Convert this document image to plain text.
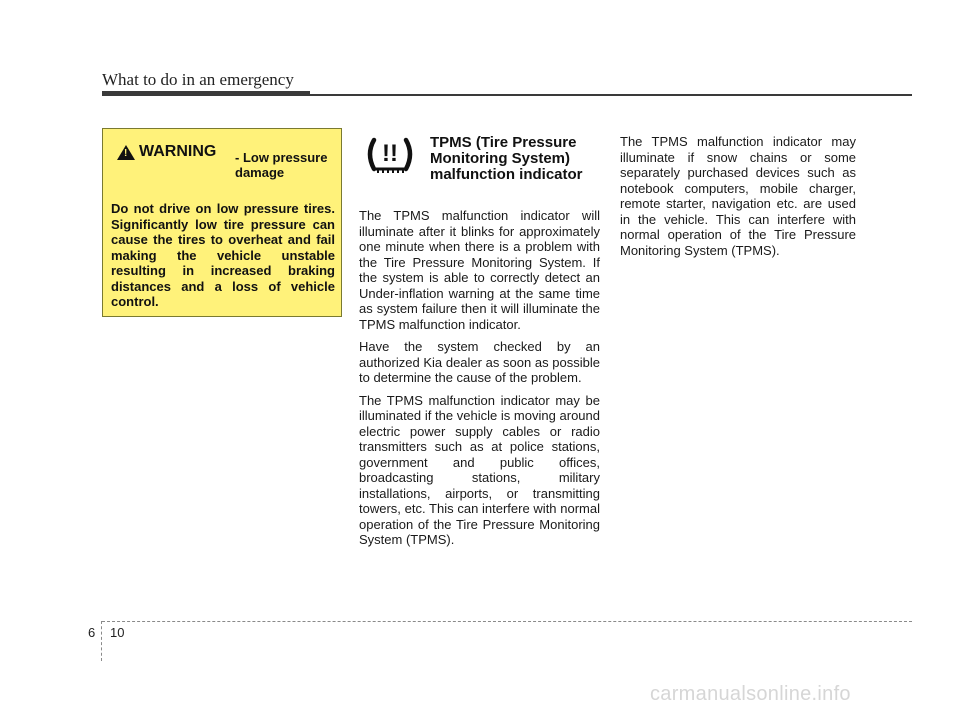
What to do in an emergency
! WARNING - Low pressure damage
Do not drive on low pressure tires. Significantly low tire pressure can cause the tires to overheat and fail making the vehicle unstable resulting in increased braking distances and a loss of vehicle control.
!! TPMS (Tire Pressure Monitoring System) malfunction indicator

The TPMS malfunction indicator will illuminate after it blinks for approximately one minute when there is a problem with the Tire Pressure Monitoring System. If the system is able to correctly detect an Under-inflation warning at the same time as system failure then it will illuminate the TPMS malfunction indicator.

Have the system checked by an authorized Kia dealer as soon as possible to determine the cause of the problem.

The TPMS malfunction indicator may be illuminated if the vehicle is moving around electric power supply cables or radio transmitters such as at police stations, government and public offices, broadcasting stations, military installations, airports, or transmitting towers, etc. This can interfere with normal operation of the Tire Pressure Monitoring System (TPMS).

The TPMS malfunction indicator may illuminate if snow chains or some separately purchased devices such as notebook computers, mobile charger, remote starter, navigation etc. are used in the vehicle. This can interfere with normal operation of the Tire Pressure Monitoring System (TPMS).

6 10
carmanualsonline.info
